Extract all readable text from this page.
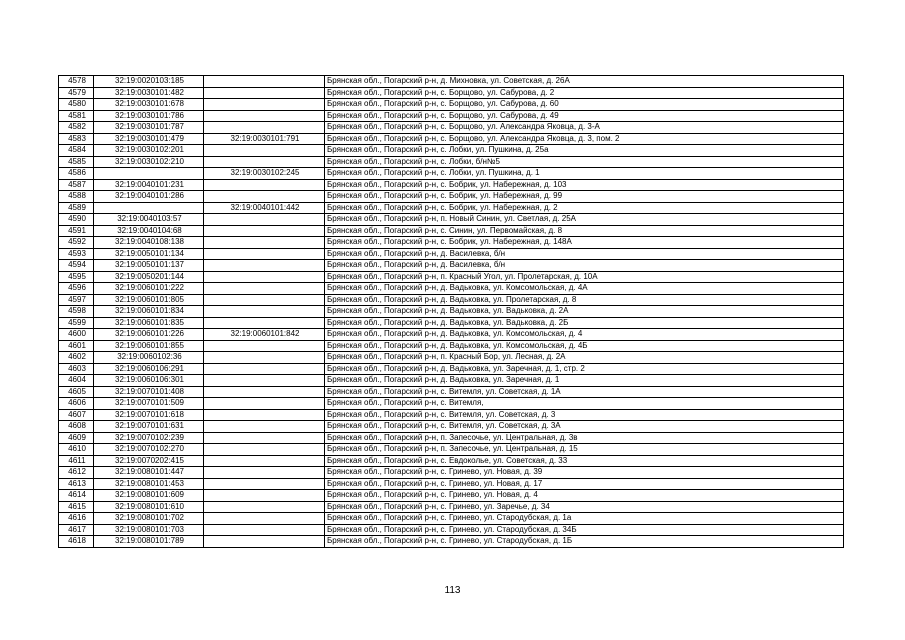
4578	32:19:0020103:185		Брянская обл., Погарский р-н, д. Михновка, ул. Советская, д. 26А
4579	32:19:0030101:482		Брянская обл., Погарский р-н, с. Борщово, ул. Сабурова, д. 2
4580	32:19:0030101:678		Брянская обл., Погарский р-н, с. Борщово, ул. Сабурова, д. 60
4581	32:19:0030101:786		Брянская обл., Погарский р-н, с. Борщово, ул. Сабурова, д. 49
4582	32:19:0030101:787		Брянская обл., Погарский р-н, с. Борщово, ул. Александра Яковца, д. 3-А
4583	32:19:0030101:479	32:19:0030101:791	Брянская обл., Погарский р-н, с. Борщово, ул. Александра Яковца, д. 3, пом. 2
4584	32:19:0030102:201		Брянская обл., Погарский р-н, с. Лобки, ул. Пушкина, д. 25а
4585	32:19:0030102:210		Брянская обл., Погарский р-н, с. Лобки, б/н№5
4586		32:19:0030102:245	Брянская обл., Погарский р-н, с. Лобки, ул. Пушкина, д. 1
4587	32:19:0040101:231		Брянская обл., Погарский р-н, с. Бобрик, ул. Набережная, д. 103
4588	32:19:0040101:286		Брянская обл., Погарский р-н, с. Бобрик, ул. Набережная, д. 99
4589		32:19:0040101:442	Брянская обл., Погарский р-н, с. Бобрик, ул. Набережная, д. 2
4590	32:19:0040103:57		Брянская обл., Погарский р-н, п. Новый Синин, ул. Светлая, д. 25А
4591	32:19:0040104:68		Брянская обл., Погарский р-н, с. Синин, ул. Первомайская, д. 8
4592	32:19:0040108:138		Брянская обл., Погарский р-н, с. Бобрик, ул. Набережная, д. 148А
4593	32:19:0050101:134		Брянская обл., Погарский р-н, д. Василевка, б/н
4594	32:19:0050101:137		Брянская обл., Погарский р-н, д. Василевка, б/н
4595	32:19:0050201:144		Брянская обл., Погарский р-н, п. Красный Угол, ул. Пролетарская, д. 10А
4596	32:19:0060101:222		Брянская обл., Погарский р-н, д. Вадьковка, ул. Комсомольская, д. 4А
4597	32:19:0060101:805		Брянская обл., Погарский р-н, д. Вадьковка, ул. Пролетарская, д. 8
4598	32:19:0060101:834		Брянская обл., Погарский р-н, д. Вадьковка, ул. Вадьковка, д. 2А
4599	32:19:0060101:835		Брянская обл., Погарский р-н, д. Вадьковка, ул. Вадьковка, д. 2Б
4600	32:19:0060101:226	32:19:0060101:842	Брянская обл., Погарский р-н, д. Вадьковка, ул. Комсомольская, д. 4
4601	32:19:0060101:855		Брянская обл., Погарский р-н, д. Вадьковка, ул. Комсомольская, д. 4Б
4602	32:19:0060102:36		Брянская обл., Погарский р-н, п. Красный Бор, ул. Лесная, д. 2А
4603	32:19:0060106:291		Брянская обл., Погарский р-н, д. Вадьковка, ул. Заречная, д. 1, стр. 2
4604	32:19:0060106:301		Брянская обл., Погарский р-н, д. Вадьковка, ул. Заречная, д. 1
4605	32:19:0070101:408		Брянская обл., Погарский р-н, с. Витемля, ул. Советская, д. 1А
4606	32:19:0070101:509		Брянская обл., Погарский р-н, с. Витемля,
4607	32:19:0070101:618		Брянская обл., Погарский р-н, с. Витемля, ул. Советская, д. 3
4608	32:19:0070101:631		Брянская обл., Погарский р-н, с. Витемля, ул. Советская, д. 3А
4609	32:19:0070102:239		Брянская обл., Погарский р-н, п. Запесочье, ул. Центральная, д. 3в
4610	32:19:0070102:270		Брянская обл., Погарский р-н, п. Запесочье, ул. Центральная, д. 15
4611	32:19:0070202:415		Брянская обл., Погарский р-н, с. Евдоколье, ул. Советская, д. 33
4612	32:19:0080101:447		Брянская обл., Погарский р-н, с. Гринево, ул. Новая, д. 39
4613	32:19:0080101:453		Брянская обл., Погарский р-н, с. Гринево, ул. Новая, д. 17
4614	32:19:0080101:609		Брянская обл., Погарский р-н, с. Гринево, ул. Новая, д. 4
4615	32:19:0080101:610		Брянская обл., Погарский р-н, с. Гринево, ул. Заречье, д. 34
4616	32:19:0080101:702		Брянская обл., Погарский р-н, с. Гринево, ул. Стародубская, д. 1а
4617	32:19:0080101:703		Брянская обл., Погарский р-н, с. Гринево, ул. Стародубская, д. 34Б
4618	32:19:0080101:789		Брянская обл., Погарский р-н, с. Гринево, ул. Стародубская, д. 1Б
113
